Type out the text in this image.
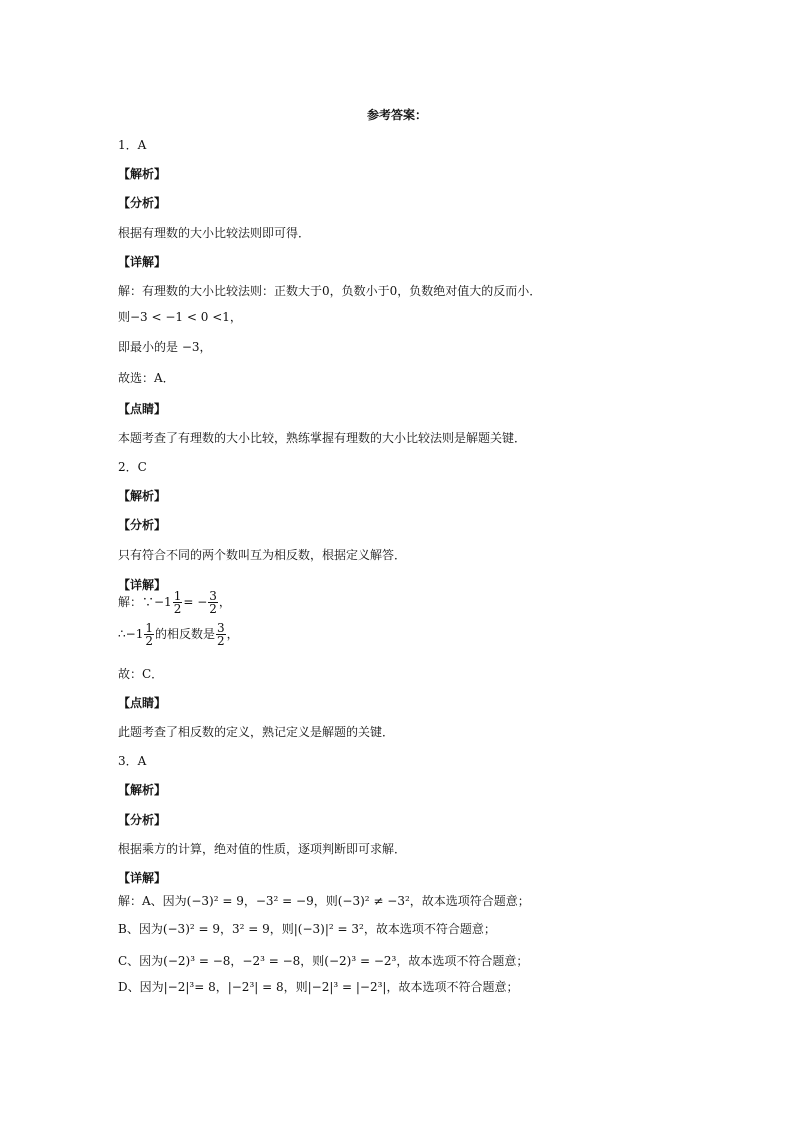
参考答案：
1．A
【解析】
【分析】
根据有理数的大小比较法则即可得．
【详解】
解：有理数的大小比较法则：正数大于0，负数小于0，负数绝对值大的反而小．
则−3 < −1 < 0 <1，
即最小的是 −3，
故选：A．
【点睛】
本题考查了有理数的大小比较，熟练掌握有理数的大小比较法则是解题关键．
2．C
【解析】
【分析】
只有符合不同的两个数叫互为相反数，根据定义解答．
【详解】
解：∵−1 $\frac{1}{2}$ = − $\frac{3}{2}$ ，
∴−1 $\frac{1}{2}$ 的相反数是 $\frac{3}{2}$ ，
故：C．
【点睛】
此题考查了相反数的定义，熟记定义是解题的关键．
3．A
【解析】
【分析】
根据乘方的计算，绝对值的性质，逐项判断即可求解．
【详解】
解：A、因为(−3)² = 9，−3² = −9，则(−3)² ≠ −3²，故本选项符合题意；
B、因为(−3)² = 9，3² = 9，则|(−3)|² = 3²，故本选项不符合题意；
C、因为(−2)³ = −8，−2³ = −8，则(−2)³ = −2³，故本选项不符合题意；
D、因为|−2|³= 8，|−2³| = 8，则|−2|³ = |−2³|，故本选项不符合题意；
